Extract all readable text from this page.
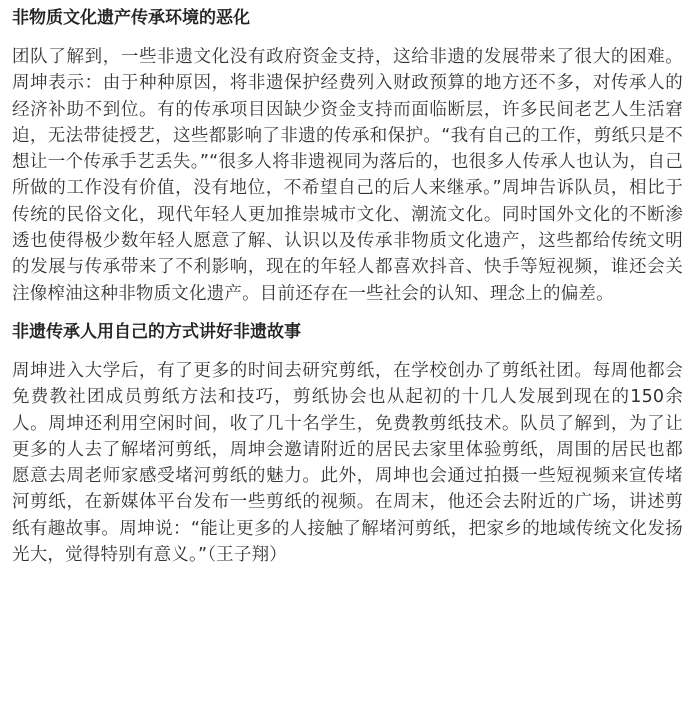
非物质文化遗产传承环境的恶化

团队了解到，一些非遗文化没有政府资金支持，这给非遗的发展带来了很大的困难。周坤表示：由于种种原因，将非遗保护经费列入财政预算的地方还不多，对传承人的经济补助不到位。有的传承项目因缺少资金支持而面临断层，许多民间老艺人生活窘迫，无法带徒授艺，这些都影响了非遗的传承和保护。“我有自己的工作，剪纸只是不想让一个传承手艺丢失。”“很多人将非遗视同为落后的，也很多人传承人也认为，自己所做的工作没有价值，没有地位，不希望自己的后人来继承。”周坤告诉队员，相比于传统的民俗文化，现代年轻人更加推崇城市文化、潮流文化。同时国外文化的不断渗透也使得极少数年轻人愿意了解、认识以及传承非物质文化遗产，这些都给传统文明的发展与传承带来了不利影响，现在的年轻人都喜欢抖音、快手等短视频，谁还会关注像榨油这种非物质文化遗产。目前还存在一些社会的认知、理念上的偏差。

非遗传承人用自己的方式讲好非遗故事

周坤进入大学后，有了更多的时间去研究剪纸，在学校创办了剪纸社团。每周他都会免费教社团成员剪纸方法和技巧，剪纸协会也从起初的十几人发展到现在的150余人。周坤还利用空闲时间，收了几十名学生，免费教剪纸技术。队员了解到，为了让更多的人去了解堵河剪纸，周坤会邀请附近的居民去家里体验剪纸，周围的居民也都愿意去周老师家感受堵河剪纸的魅力。此外，周坤也会通过拍摄一些短视频来宣传堵河剪纸，在新媒体平台发布一些剪纸的视频。在周末，他还会去附近的广场，讲述剪纸有趣故事。周坤说：“能让更多的人接触了解堵河剪纸，把家乡的地域传统文化发扬光大，觉得特别有意义。”（王子翔）
